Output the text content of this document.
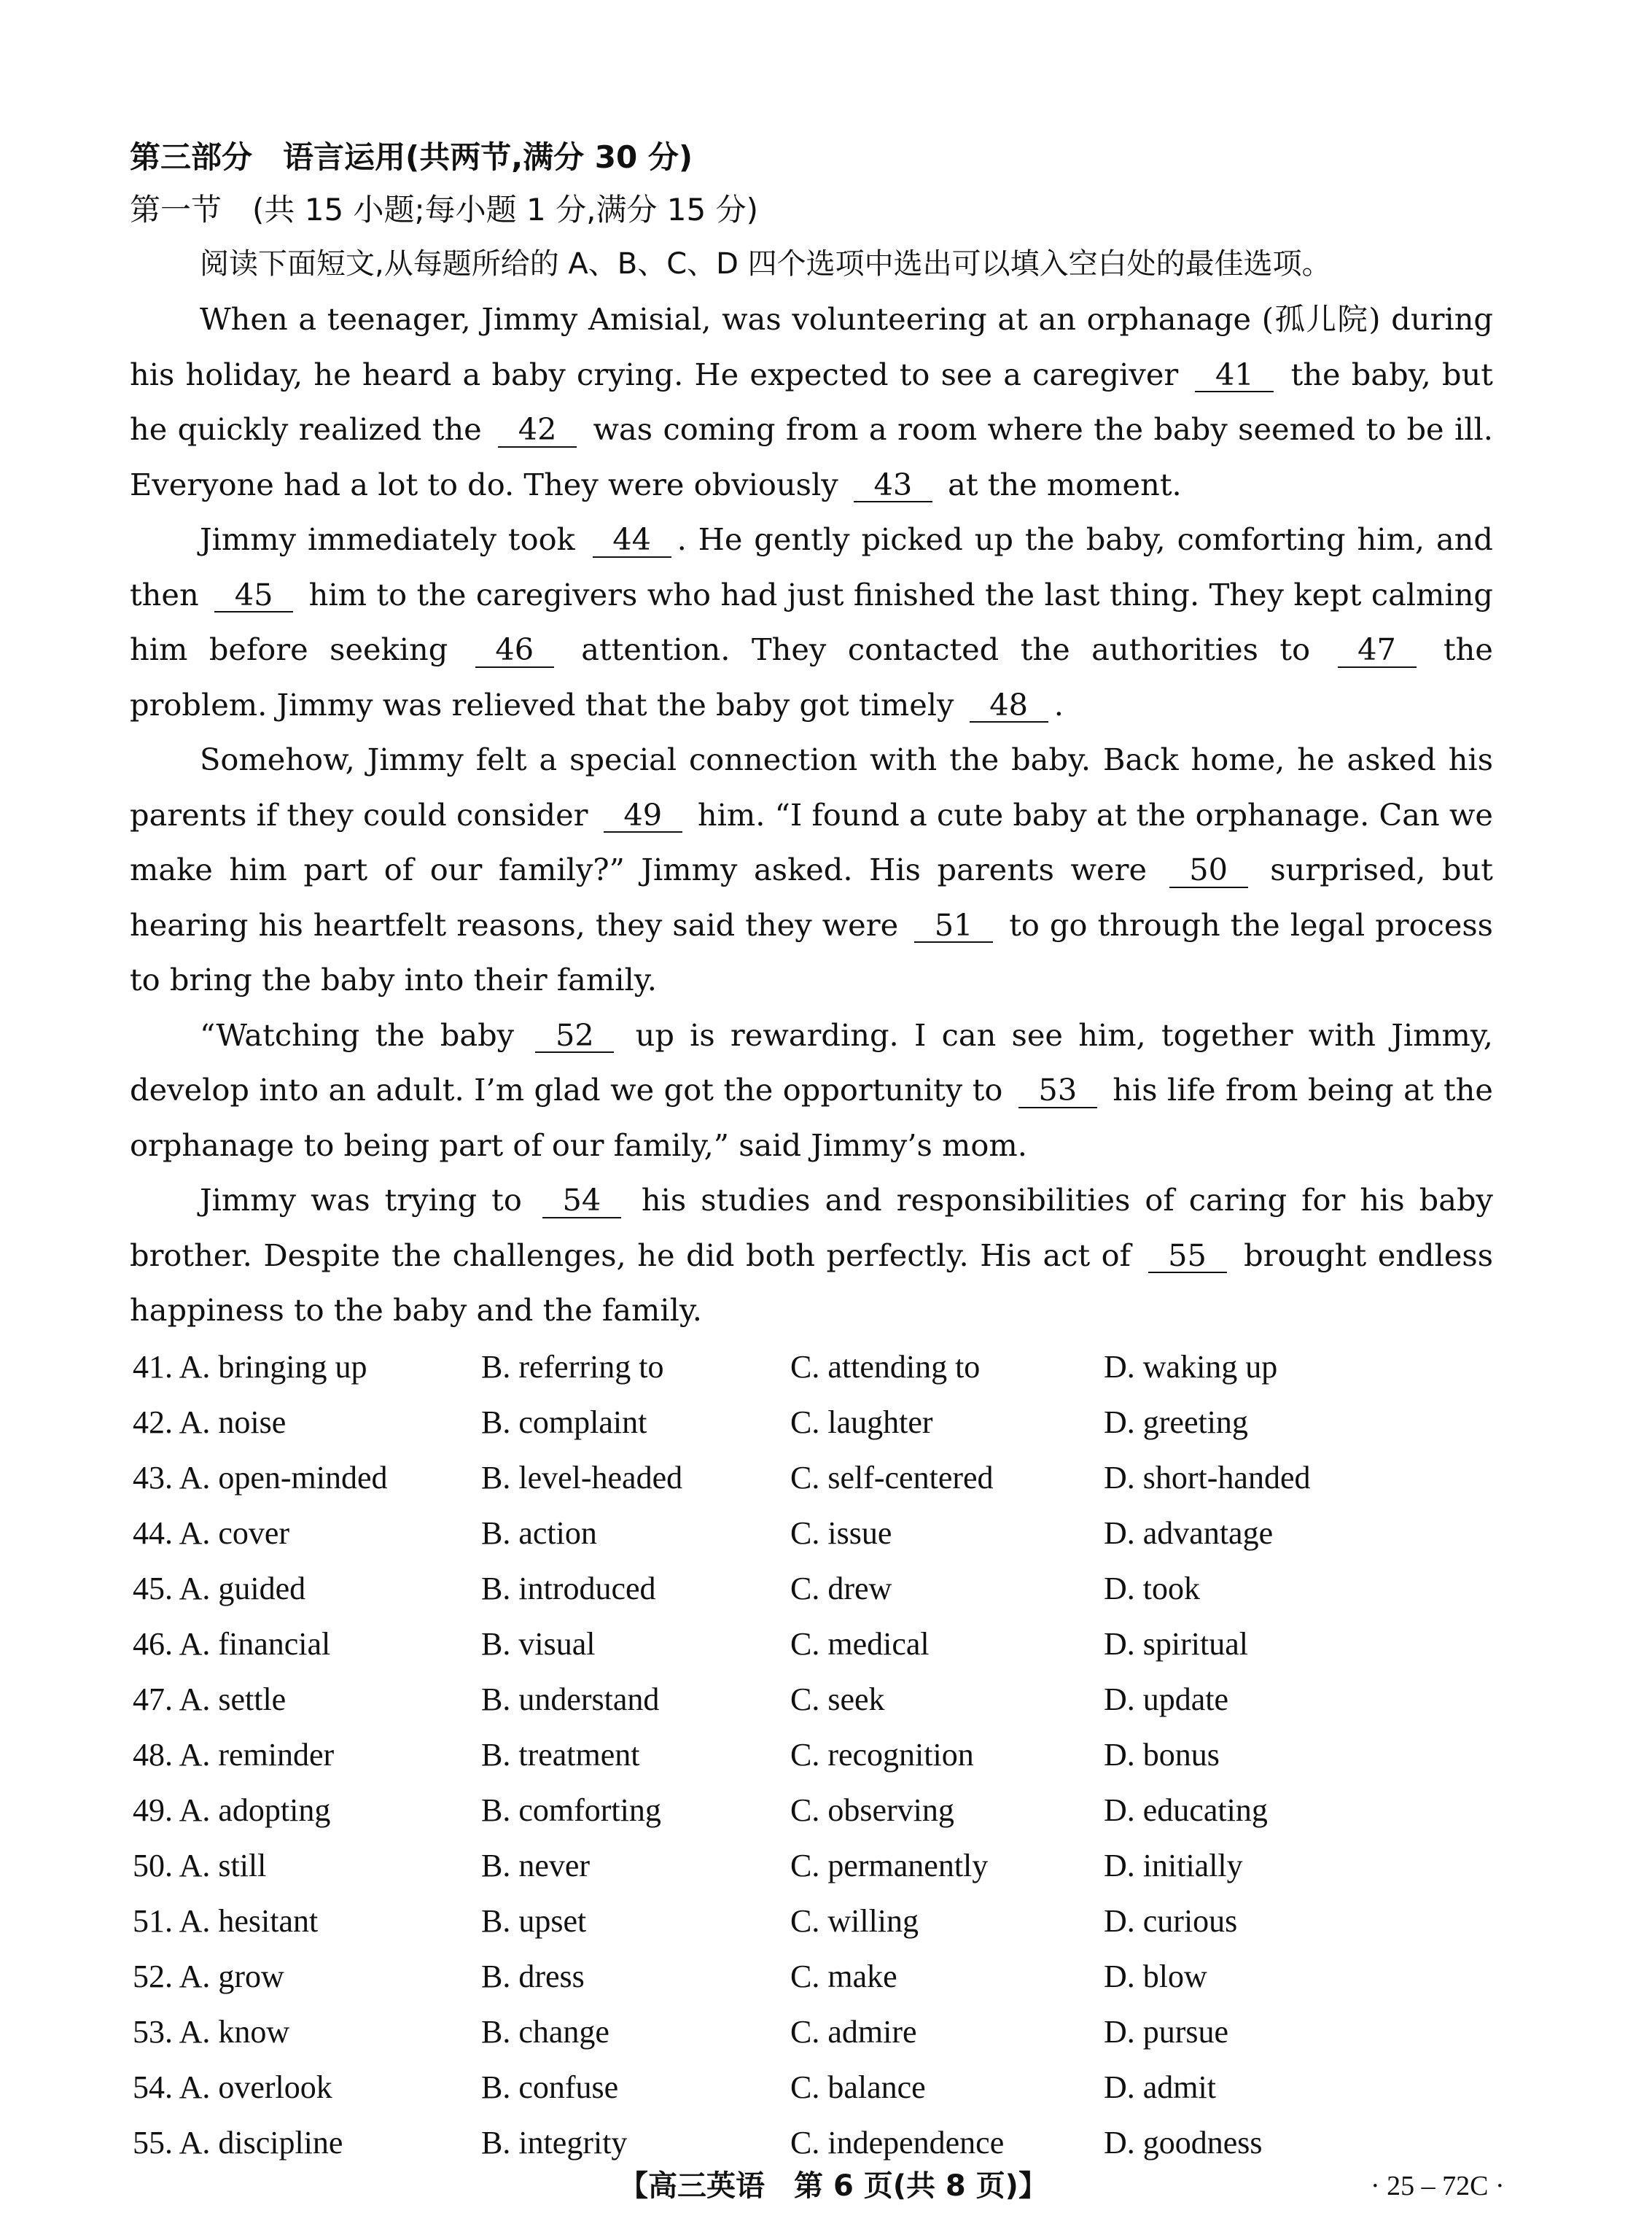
第三部分　语言运用(共两节,满分 30 分)
第一节　(共 15 小题;每小题 1 分,满分 15 分)
阅读下面短文,从每题所给的 A、B、C、D 四个选项中选出可以填入空白处的最佳选项。

When a teenager, Jimmy Amisial, was volunteering at an orphanage (孤儿院) during his holiday, he heard a baby crying. He expected to see a caregiver 41 the baby, but he quickly realized the 42 was coming from a room where the baby seemed to be ill. Everyone had a lot to do. They were obviously 43 at the moment.

Jimmy immediately took 44 . He gently picked up the baby, comforting him, and then 45 him to the caregivers who had just finished the last thing. They kept calming him before seeking 46 attention. They contacted the authorities to 47 the problem. Jimmy was relieved that the baby got timely 48 .

Somehow, Jimmy felt a special connection with the baby. Back home, he asked his parents if they could consider 49 him. “I found a cute baby at the orphanage. Can we make him part of our family?” Jimmy asked. His parents were 50 surprised, but hearing his heartfelt reasons, they said they were 51 to go through the legal process to bring the baby into their family.

“Watching the baby 52 up is rewarding. I can see him, together with Jimmy, develop into an adult. I’m glad we got the opportunity to 53 his life from being at the orphanage to being part of our family,” said Jimmy’s mom.

Jimmy was trying to 54 his studies and responsibilities of caring for his baby brother. Despite the challenges, he did both perfectly. His act of 55 brought endless happiness to the baby and the family.

41. A. bringing up	B. referring to	C. attending to	D. waking up
42. A. noise	B. complaint	C. laughter	D. greeting
43. A. open-minded	B. level-headed	C. self-centered	D. short-handed
44. A. cover	B. action	C. issue	D. advantage
45. A. guided	B. introduced	C. drew	D. took
46. A. financial	B. visual	C. medical	D. spiritual
47. A. settle	B. understand	C. seek	D. update
48. A. reminder	B. treatment	C. recognition	D. bonus
49. A. adopting	B. comforting	C. observing	D. educating
50. A. still	B. never	C. permanently	D. initially
51. A. hesitant	B. upset	C. willing	D. curious
52. A. grow	B. dress	C. make	D. blow
53. A. know	B. change	C. admire	D. pursue
54. A. overlook	B. confuse	C. balance	D. admit
55. A. discipline	B. integrity	C. independence	D. goodness
【高三英语　第 6 页(共 8 页)】	· 25 – 72C ·
